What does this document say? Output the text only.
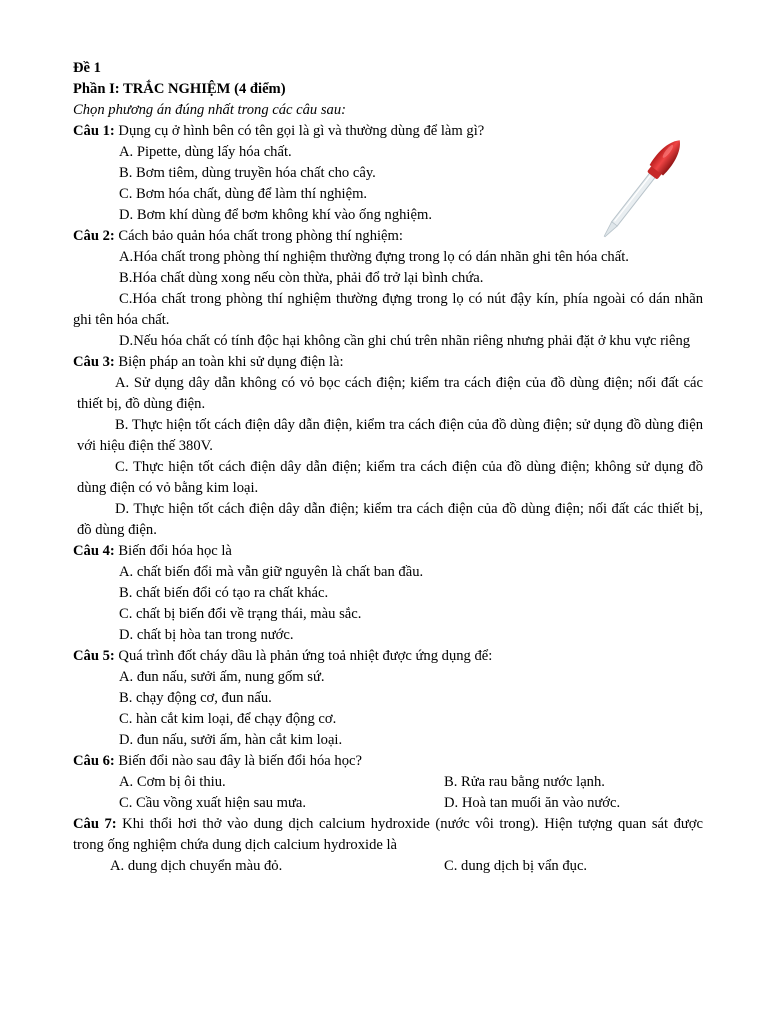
Đề 1
Phần I: TRẮC NGHIỆM (4 điểm)
Chọn phương án đúng nhất trong các câu sau:
Câu 1: Dụng cụ ở hình bên có tên gọi là gì và thường dùng để làm gì?
A. Pipette, dùng lấy hóa chất.
B. Bơm tiêm, dùng truyền hóa chất cho cây.
C. Bơm hóa chất, dùng để làm thí nghiệm.
D. Bơm khí dùng để bơm không khí vào ống nghiệm.
Câu 2: Cách bảo quản hóa chất trong phòng thí nghiệm:
A.Hóa chất trong phòng thí nghiệm thường đựng trong lọ có dán nhãn ghi tên hóa chất.
B.Hóa chất dùng xong nếu còn thừa, phải đổ trở lại bình chứa.
C.Hóa chất trong phòng thí nghiệm thường đựng trong lọ có nút đậy kín, phía ngoài có dán nhãn ghi tên hóa chất.
D.Nếu hóa chất có tính độc hại không cần ghi chú trên nhãn riêng nhưng phải đặt ở khu vực riêng
Câu 3: Biện pháp an toàn khi sử dụng điện là:
A. Sử dụng dây dẫn không có vỏ bọc cách điện; kiểm tra cách điện của đồ dùng điện; nối đất các thiết bị, đồ dùng điện.
B. Thực hiện tốt cách điện dây dẫn điện, kiểm tra cách điện của đồ dùng điện; sử dụng đồ dùng điện với hiệu điện thế 380V.
C. Thực hiện tốt cách điện dây dẫn điện; kiểm tra cách điện của đồ dùng điện; không sử dụng đồ dùng điện có vỏ bằng kim loại.
D. Thực hiện tốt cách điện dây dẫn điện; kiểm tra cách điện của đồ dùng điện; nối đất các thiết bị, đồ dùng điện.
Câu 4: Biến đổi hóa học là
A. chất biến đổi mà vẫn giữ nguyên là chất ban đầu.
B. chất biến đổi có tạo ra chất khác.
C. chất bị biến đổi về trạng thái, màu sắc.
D. chất bị hòa tan trong nước.
Câu 5: Quá trình đốt cháy dầu là phản ứng toả nhiệt được ứng dụng để:
A. đun nấu, sưởi ấm, nung gốm sứ.
B. chạy động cơ, đun nấu.
C. hàn cắt kim loại, để chạy động cơ.
D. đun nấu, sưởi ấm, hàn cắt kim loại.
Câu 6: Biến đổi nào sau đây là biến đổi hóa học?
A. Cơm bị ôi thiu.	B. Rửa rau bằng nước lạnh.
C. Cầu vồng xuất hiện sau mưa.	D. Hoà tan muối ăn vào nước.
Câu 7: Khi thổi hơi thở vào dung dịch calcium hydroxide (nước vôi trong). Hiện tượng quan sát được trong ống nghiệm chứa dung dịch calcium hydroxide là
A. dung dịch chuyển màu đỏ.	C. dung dịch bị vẩn đục.
